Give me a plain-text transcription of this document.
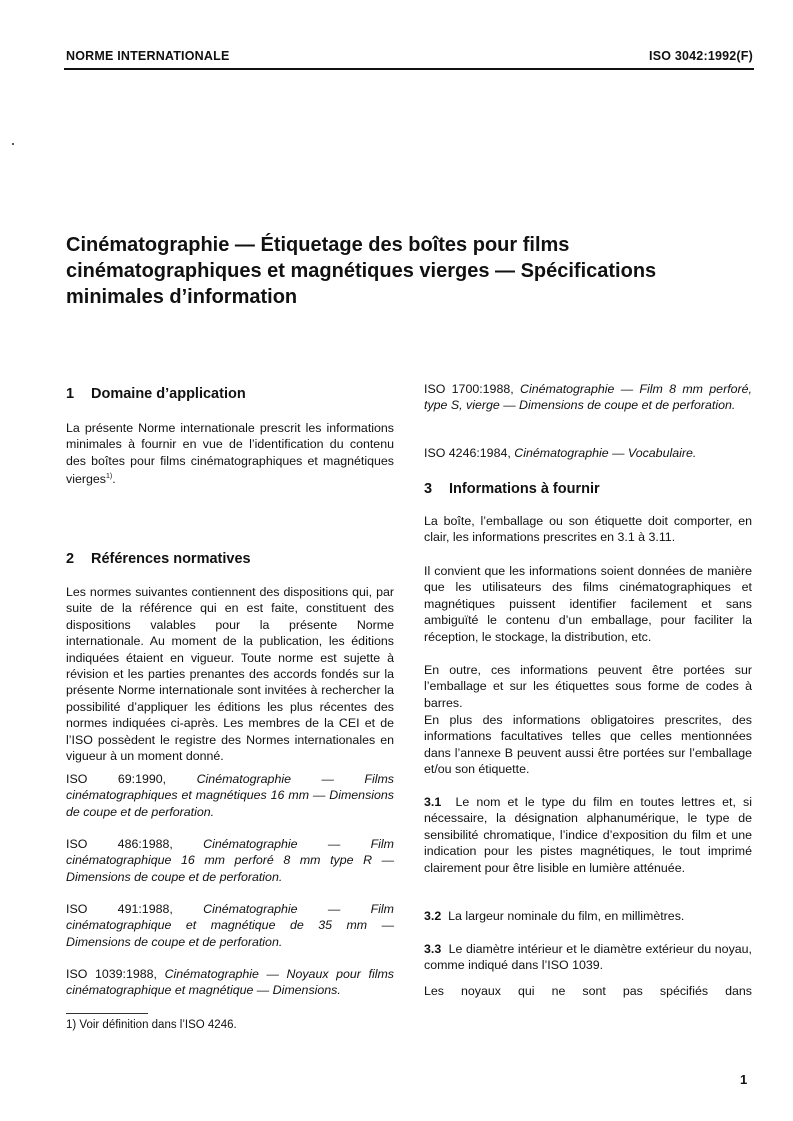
NORME INTERNATIONALE	ISO 3042:1992(F)
Cinématographie — Étiquetage des boîtes pour films cinématographiques et magnétiques vierges — Spécifications minimales d’information
1 Domaine d’application
La présente Norme internationale prescrit les informations minimales à fournir en vue de l’identification du contenu des boîtes pour films cinématographiques et magnétiques vierges$^{1)}$.
2 Références normatives
Les normes suivantes contiennent des dispositions qui, par suite de la référence qui en est faite, constituent des dispositions valables pour la présente Norme internationale. Au moment de la publication, les éditions indiquées étaient en vigueur. Toute norme est sujette à révision et les parties prenantes des accords fondés sur la présente Norme internationale sont invitées à rechercher la possibilité d’appliquer les éditions les plus récentes des normes indiquées ci-après. Les membres de la CEI et de l’ISO possèdent le registre des Normes internationales en vigueur à un moment donné.
ISO 69:1990, Cinématographie — Films cinématographiques et magnétiques 16 mm — Dimensions de coupe et de perforation.
ISO 486:1988, Cinématographie — Film cinématographique 16 mm perforé 8 mm type R — Dimensions de coupe et de perforation.
ISO 491:1988, Cinématographie — Film cinématographique et magnétique de 35 mm — Dimensions de coupe et de perforation.
ISO 1039:1988, Cinématographie — Noyaux pour films cinématographique et magnétique — Dimensions.
1) Voir définition dans l’ISO 4246.
ISO 1700:1988, Cinématographie — Film 8 mm perforé, type S, vierge — Dimensions de coupe et de perforation.
ISO 4246:1984, Cinématographie — Vocabulaire.
3 Informations à fournir
La boîte, l’emballage ou son étiquette doit comporter, en clair, les informations prescrites en 3.1 à 3.11.
Il convient que les informations soient données de manière que les utilisateurs des films cinématographiques et magnétiques puissent identifier facilement et sans ambiguïté le contenu d’un emballage, pour faciliter la réception, le stockage, la distribution, etc.
En outre, ces informations peuvent être portées sur l’emballage et sur les étiquettes sous forme de codes à barres.
En plus des informations obligatoires prescrites, des informations facultatives telles que celles mentionnées dans l’annexe B peuvent aussi être portées sur l’emballage et/ou son étiquette.
3.1 Le nom et le type du film en toutes lettres et, si nécessaire, la désignation alphanumérique, le type de sensibilité chromatique, l’indice d’exposition du film et une indication pour les pistes magnétiques, le tout imprimé clairement pour être lisible en lumière atténuée.
3.2 La largeur nominale du film, en millimètres.
3.3 Le diamètre intérieur et le diamètre extérieur du noyau, comme indiqué dans l’ISO 1039.
Les noyaux qui ne sont pas spécifiés dans
1
